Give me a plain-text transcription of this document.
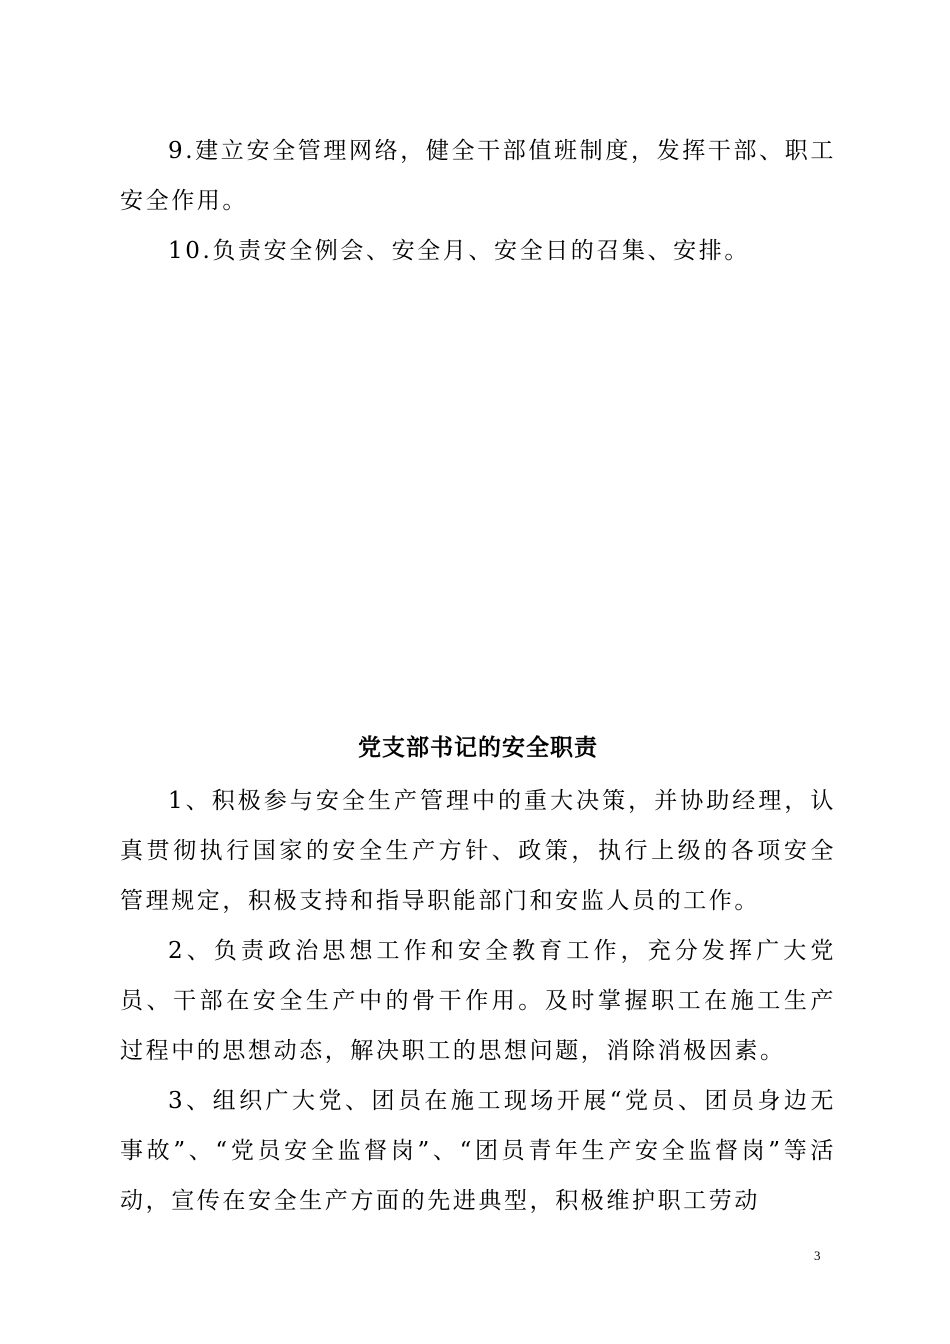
9.建立安全管理网络，健全干部值班制度，发挥干部、职工安全作用。

10.负责安全例会、安全月、安全日的召集、安排。

党支部书记的安全职责

1、积极参与安全生产管理中的重大决策，并协助经理，认真贯彻执行国家的安全生产方针、政策，执行上级的各项安全管理规定，积极支持和指导职能部门和安监人员的工作。

2、负责政治思想工作和安全教育工作，充分发挥广大党员、干部在安全生产中的骨干作用。及时掌握职工在施工生产过程中的思想动态，解决职工的思想问题，消除消极因素。

3、组织广大党、团员在施工现场开展“党员、团员身边无事故”、“党员安全监督岗”、“团员青年生产安全监督岗”等活动，宣传在安全生产方面的先进典型，积极维护职工劳动

3
